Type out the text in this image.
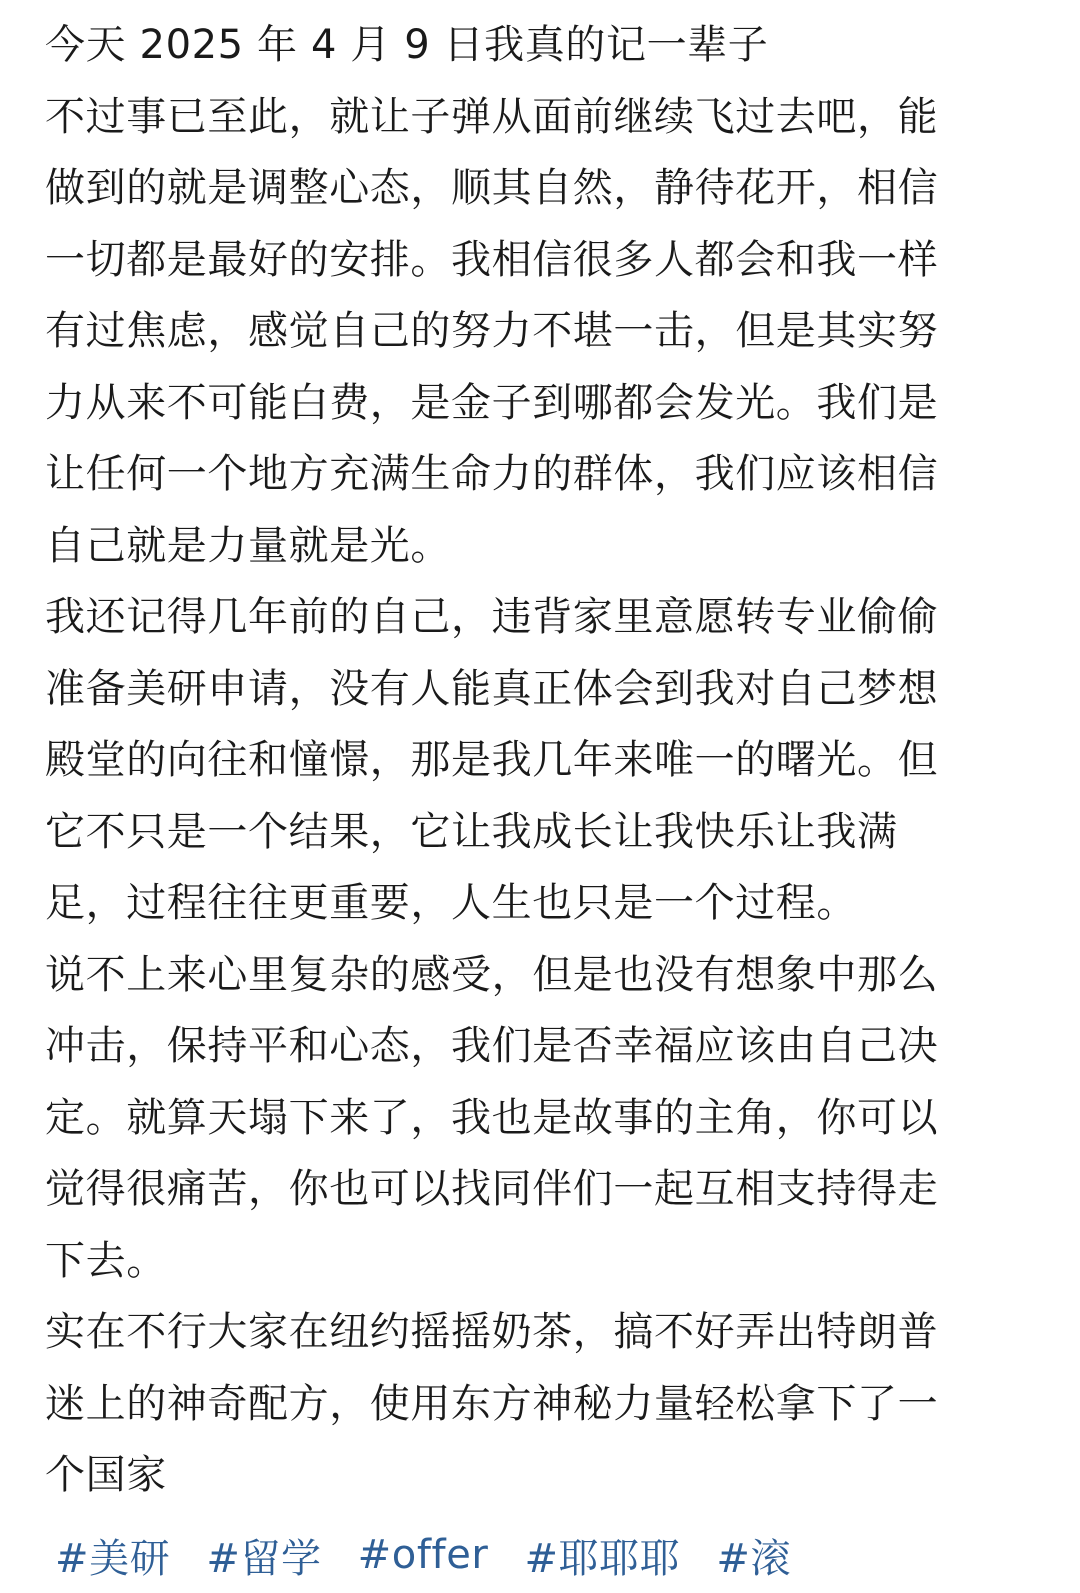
今天 2025 年 4 月 9 日我真的记一辈子
不过事已至此，就让子弹从面前继续飞过去吧，能
做到的就是调整心态，顺其自然，静待花开，相信
一切都是最好的安排。我相信很多人都会和我一样
有过焦虑，感觉自己的努力不堪一击，但是其实努
力从来不可能白费，是金子到哪都会发光。我们是
让任何一个地方充满生命力的群体，我们应该相信
自己就是力量就是光。
我还记得几年前的自己，违背家里意愿转专业偷偷
准备美研申请，没有人能真正体会到我对自己梦想
殿堂的向往和憧憬，那是我几年来唯一的曙光。但
它不只是一个结果，它让我成长让我快乐让我满
足，过程往往更重要，人生也只是一个过程。
说不上来心里复杂的感受，但是也没有想象中那么
冲击，保持平和心态，我们是否幸福应该由自己决
定。就算天塌下来了，我也是故事的主角，你可以
觉得很痛苦，你也可以找同伴们一起互相支持得走
下去。
实在不行大家在纽约摇摇奶茶，搞不好弄出特朗普
迷上的神奇配方，使用东方神秘力量轻松拿下了一
个国家
#美研 #留学 #offer #耶耶耶 #滚
